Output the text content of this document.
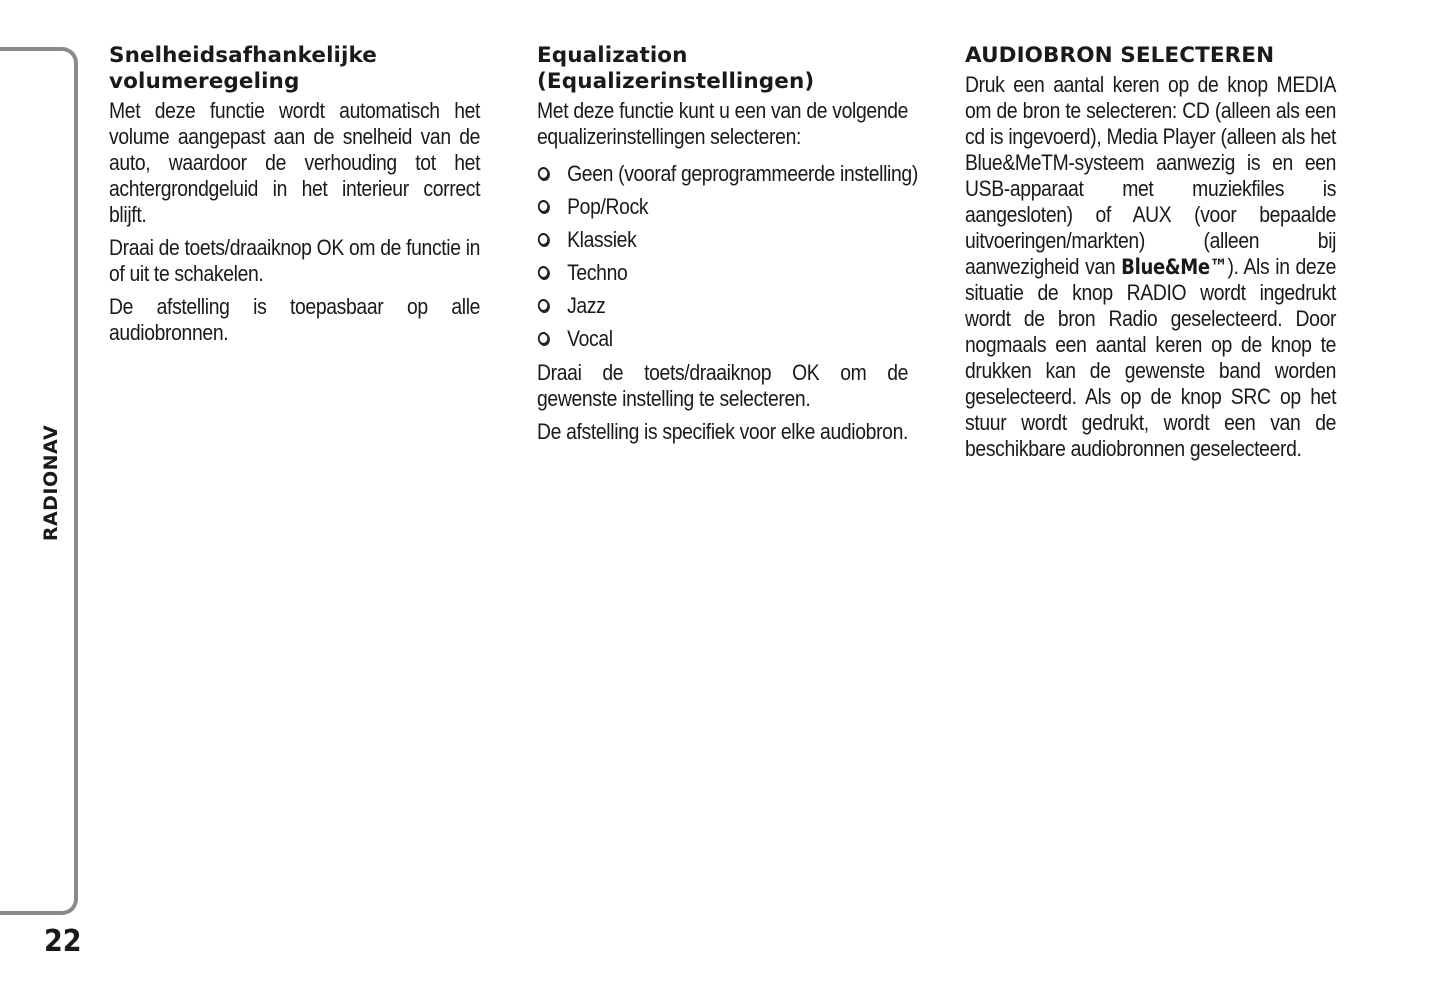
RADIONAV
22
Snelheidsafhankelijke
volumeregeling

Met deze functie wordt automatisch het volume aangepast aan de snelheid van de auto, waardoor de verhouding tot het achtergrondgeluid in het interieur correct blijft.

Draai de toets/draaiknop OK om de functie in of uit te schakelen.

De afstelling is toepasbaar op alle audiobronnen.

Equalization
(Equalizerinstellingen)

Met deze functie kunt u een van de volgende equalizerinstellingen selecteren:

Geen (vooraf geprogrammeerde instelling)
Pop/Rock
Klassiek
Techno
Jazz
Vocal

Draai de toets/draaiknop OK om de gewenste instelling te selecteren.

De afstelling is specifiek voor elke audiobron.

AUDIOBRON SELECTEREN

Druk een aantal keren op de knop MEDIA om de bron te selecteren: CD (alleen als een cd is ingevoerd), Media Player (alleen als het Blue&MeTM-systeem aanwezig is en een USB-apparaat met muziekfiles is aangesloten) of AUX (voor bepaalde uitvoeringen/markten) (alleen bij aanwezigheid van Blue&Me™). Als in deze situatie de knop RADIO wordt ingedrukt wordt de bron Radio geselecteerd. Door nogmaals een aantal keren op de knop te drukken kan de gewenste band worden geselecteerd. Als op de knop SRC op het stuur wordt gedrukt, wordt een van de beschikbare audiobronnen geselecteerd.
